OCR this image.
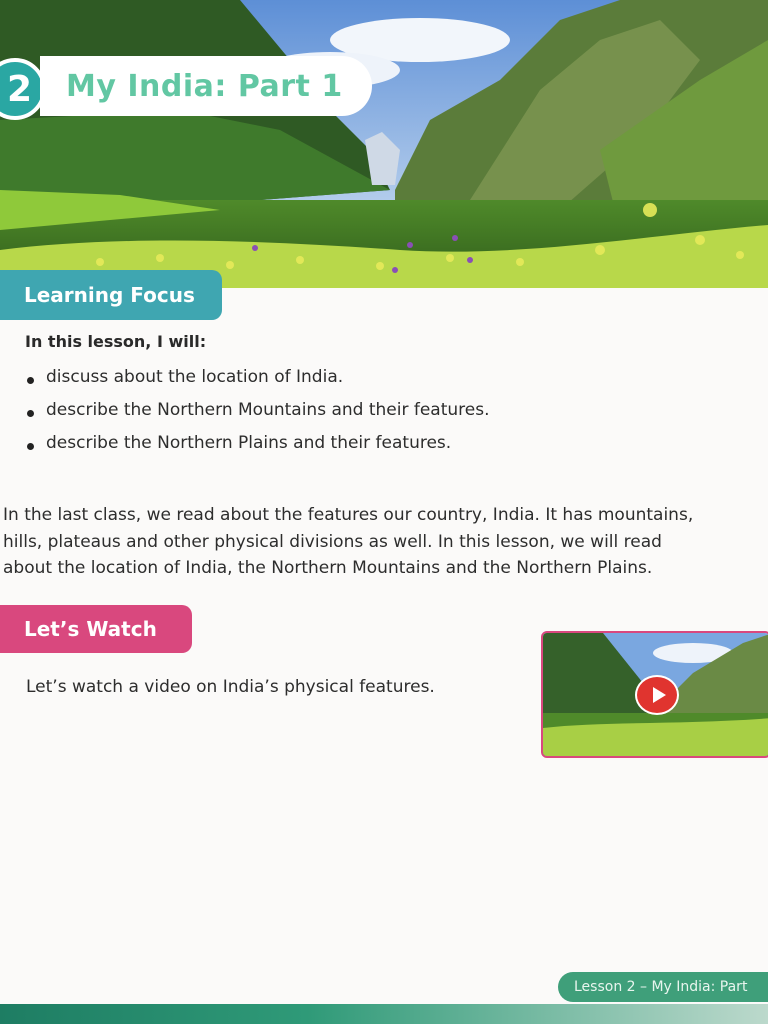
2 My India: Part 1
Learning Focus
In this lesson, I will:
discuss about the location of India.
describe the Northern Mountains and their features.
describe the Northern Plains and their features.

In the last class, we read about the features our country, India. It has mountains,
hills, plateaus and other physical divisions as well. In this lesson, we will read
about the location of India, the Northern Mountains and the Northern Plains.

Let’s Watch
Let’s watch a video on India’s physical features.
Lesson 2 – My India: Part
